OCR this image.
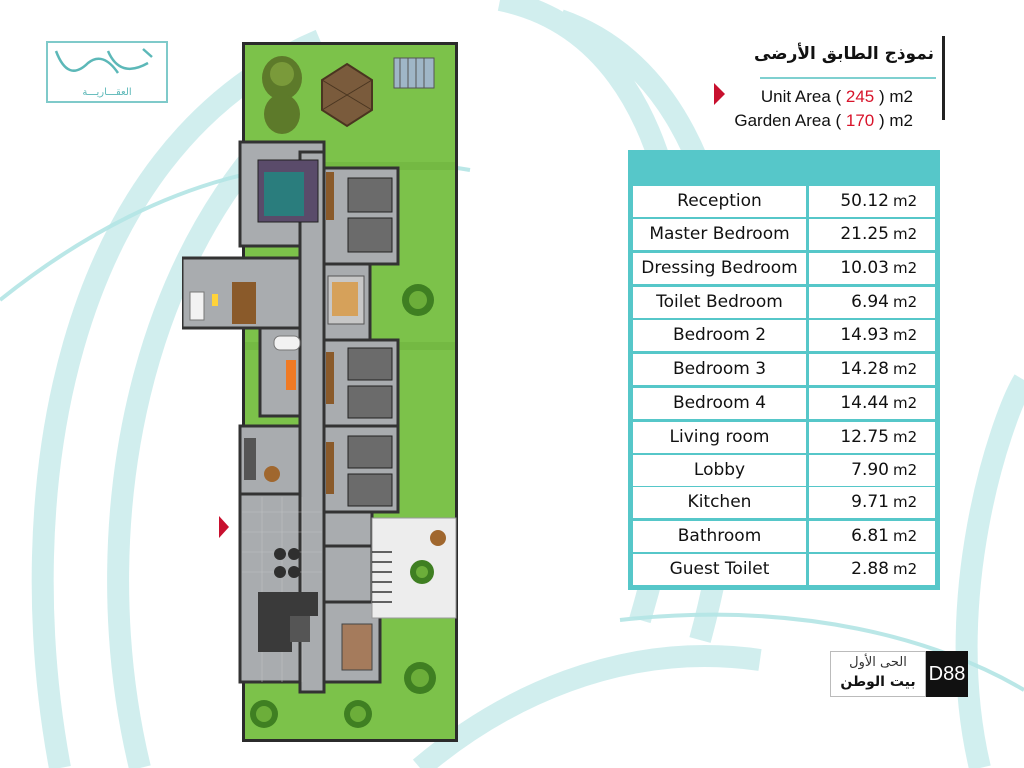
العقـــاريـــة
نموذج الطابق الأرضى
Unit Area ( 245 ) m2
Garden Area ( 170 ) m2
Reception	50.12 m2
Master Bedroom	21.25 m2
Dressing Bedroom	10.03 m2
Toilet Bedroom	6.94 m2
Bedroom 2	14.93 m2
Bedroom 3	14.28 m2
Bedroom 4	14.44 m2
Living room	12.75 m2
Lobby	7.90 m2
Kitchen	9.71 m2
Bathroom	6.81 m2
Guest Toilet	2.88 m2
الحى الأول
بيت الوطن D88
